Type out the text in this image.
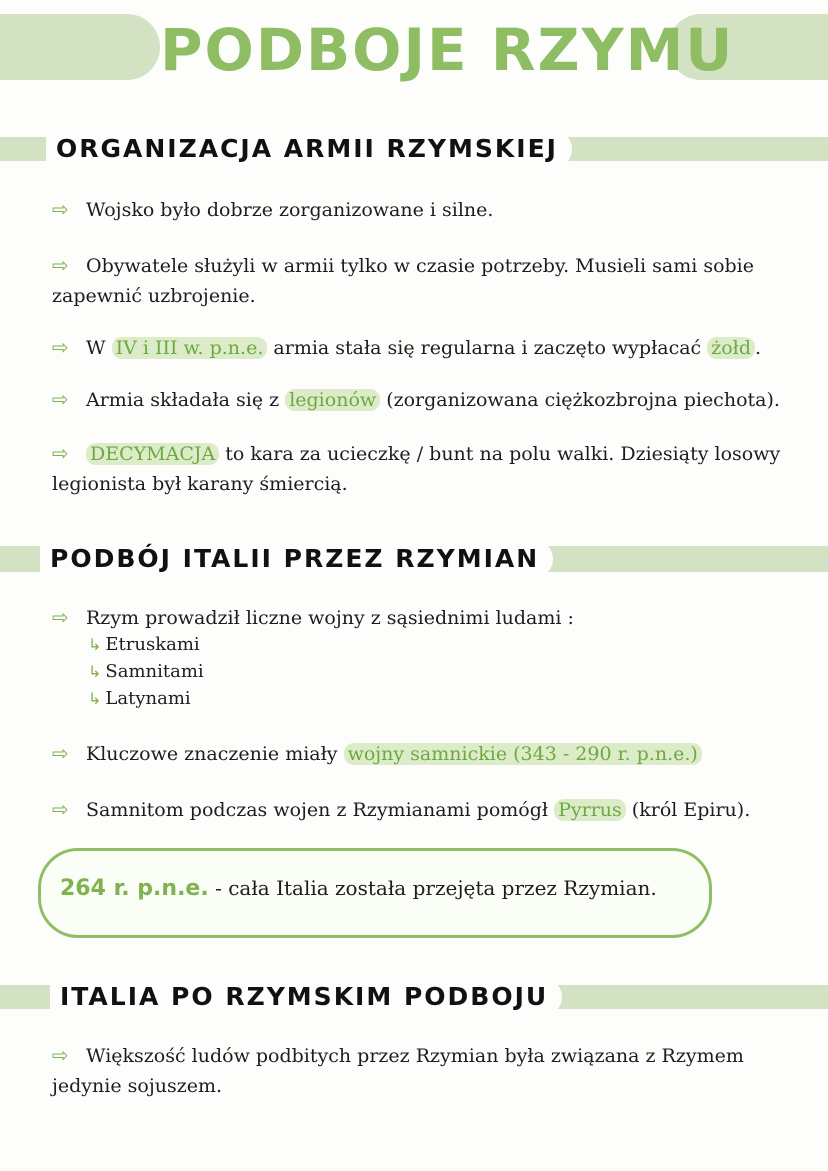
PODBOJE RZYMU
ORGANIZACJA ARMII RZYMSKIEJ

⇨ Wojsko było dobrze zorganizowane i silne.

⇨ Obywatele służyli w armii tylko w czasie potrzeby. Musieli sami sobie zapewnić uzbrojenie.

⇨ W IV i III w. p.n.e. armia stała się regularna i zaczęto wypłacać żołd .

⇨ Armia składała się z legionów (zorganizowana ciężkozbrojna piechota).

⇨ DECYMACJA to kara za ucieczkę / bunt na polu walki. Dziesiąty losowy legionista był karany śmiercią.

PODBÓJ ITALII PRZEZ RZYMIAN

⇨ Rzym prowadził liczne wojny z sąsiednimi ludami :

↳ Etruskami
↳ Samnitami
↳ Latynami

⇨ Kluczowe znaczenie miały wojny samnickie (343 - 290 r. p.n.e.)

⇨ Samnitom podczas wojen z Rzymianami pomógł Pyrrus (król Epiru).

264 r. p.n.e. - cała Italia została przejęta przez Rzymian.
ITALIA PO RZYMSKIM PODBOJU

⇨ Większość ludów podbitych przez Rzymian była związana z Rzymem jedynie sojuszem.
